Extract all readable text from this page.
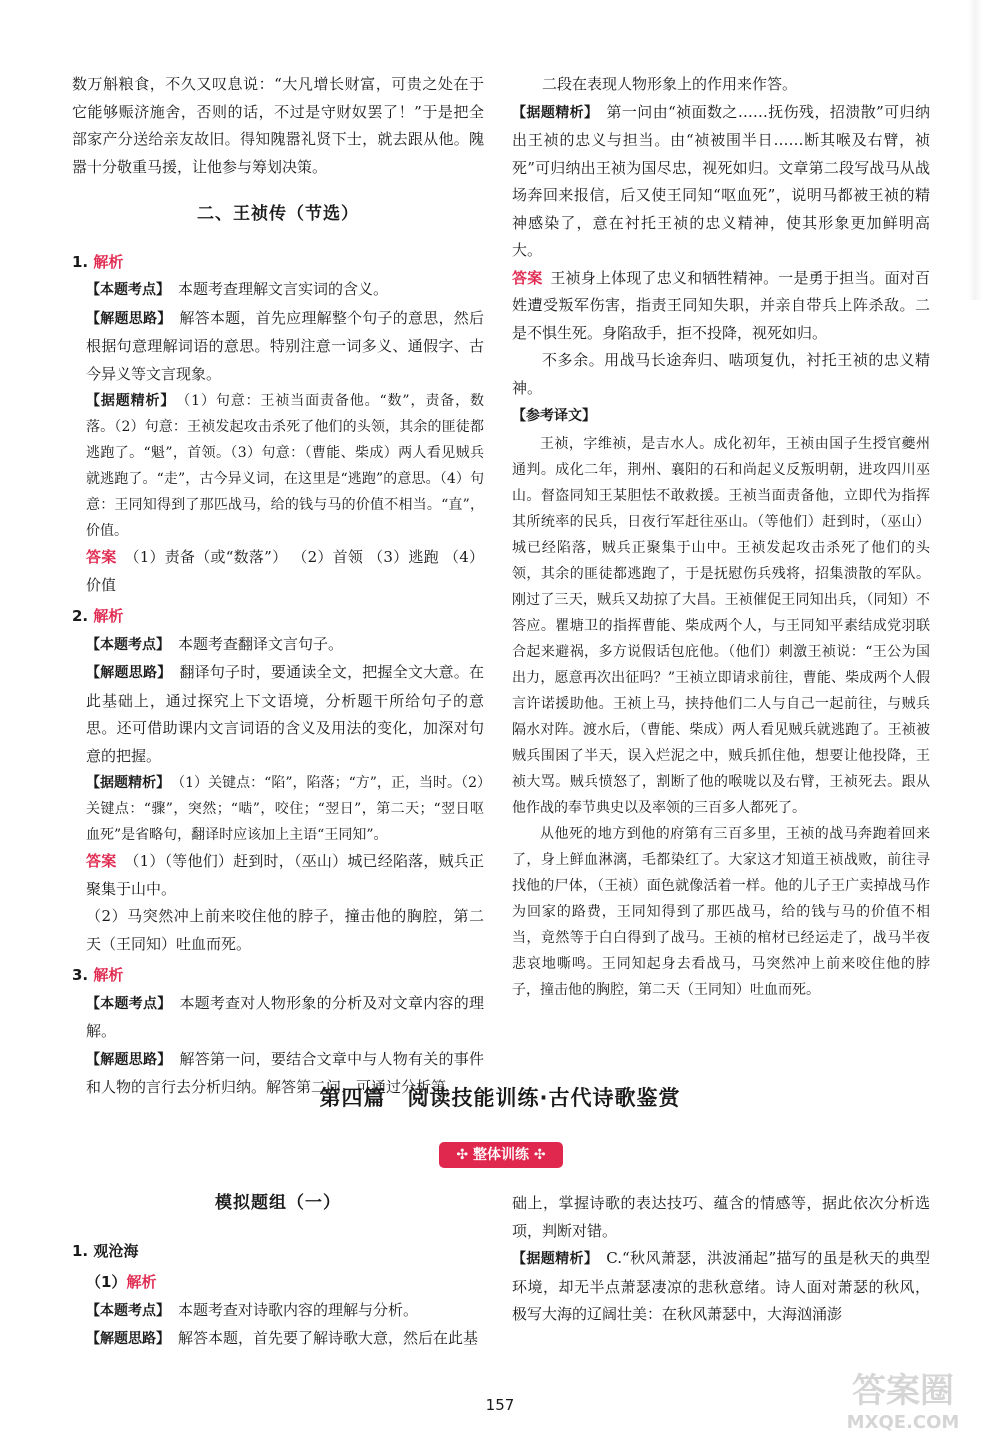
数万斛粮食，不久又叹息说：“大凡增长财富，可贵之处在于它能够赈济施舍，否则的话，不过是守财奴罢了！”于是把全部家产分送给亲友故旧。得知隗嚣礼贤下士，就去跟从他。隗嚣十分敬重马援，让他参与筹划决策。

二、王祯传（节选）
1. 解析

【本题考点】 本题考查理解文言实词的含义。

【解题思路】 解答本题，首先应理解整个句子的意思，然后根据句意理解词语的意思。特别注意一词多义、通假字、古今异义等文言现象。

【据题精析】 （1）句意：王祯当面责备他。“数”，责备，数落。（2）句意：王祯发起攻击杀死了他们的头领，其余的匪徒都逃跑了。“魁”，首领。（3）句意：（曹能、柴成）两人看见贼兵就逃跑了。“走”，古今异义词，在这里是“逃跑”的意思。（4）句意：王同知得到了那匹战马，给的钱与马的价值不相当。“直”，价值。

答案 （1）责备（或“数落”） （2）首领 （3）逃跑 （4）价值

2. 解析

【本题考点】 本题考查翻译文言句子。

【解题思路】 翻译句子时，要通读全文，把握全文大意。在此基础上，通过探究上下文语境，分析题干所给句子的意思。还可借助课内文言词语的含义及用法的变化，加深对句意的把握。

【据题精析】 （1）关键点：“陷”，陷落；“方”，正，当时。（2）关键点：“骤”，突然；“啮”，咬住；“翌日”，第二天；“翌日呕血死”是省略句，翻译时应该加上主语“王同知”。

答案 （1）（等他们）赶到时，（巫山）城已经陷落，贼兵正聚集于山中。

（2）马突然冲上前来咬住他的脖子，撞击他的胸腔，第二天（王同知）吐血而死。

3. 解析

【本题考点】 本题考查对人物形象的分析及对文章内容的理解。

【解题思路】 解答第一问，要结合文章中与人物有关的事件和人物的言行去分析归纳。解答第二问，可通过分析第

二段在表现人物形象上的作用来作答。

【据题精析】 第一问由“祯面数之……抚伤残，招溃散”可归纳出王祯的忠义与担当。由“祯被围半日……断其喉及右臂，祯死”可归纳出王祯为国尽忠，视死如归。文章第二段写战马从战场奔回来报信，后又使王同知“呕血死”，说明马都被王祯的精神感染了，意在衬托王祯的忠义精神，使其形象更加鲜明高大。

答案 王祯身上体现了忠义和牺牲精神。一是勇于担当。面对百姓遭受叛军伤害，指责王同知失职，并亲自带兵上阵杀敌。二是不惧生死。身陷敌手，拒不投降，视死如归。

不多余。用战马长途奔归、啮项复仇，衬托王祯的忠义精神。

【参考译文】

王祯，字维祯，是吉水人。成化初年，王祯由国子生授官夔州通判。成化二年，荆州、襄阳的石和尚起义反叛明朝，进攻四川巫山。督盗同知王某胆怯不敢救援。王祯当面责备他，立即代为指挥其所统率的民兵，日夜行军赶往巫山。（等他们）赶到时，（巫山）城已经陷落，贼兵正聚集于山中。王祯发起攻击杀死了他们的头领，其余的匪徒都逃跑了，于是抚慰伤兵残将，招集溃散的军队。刚过了三天，贼兵又劫掠了大昌。王祯催促王同知出兵，（同知）不答应。瞿塘卫的指挥曹能、柴成两个人，与王同知平素结成党羽联合起来避祸，多方说假话包庇他。（他们）刺激王祯说：“王公为国出力，愿意再次出征吗？”王祯立即请求前往，曹能、柴成两个人假言许诺援助他。王祯上马，挟持他们二人与自己一起前往，与贼兵隔水对阵。渡水后，（曹能、柴成）两人看见贼兵就逃跑了。王祯被贼兵围困了半天，误入烂泥之中，贼兵抓住他，想要让他投降，王祯大骂。贼兵愤怒了，割断了他的喉咙以及右臂，王祯死去。跟从他作战的奉节典史以及率领的三百多人都死了。

从他死的地方到他的府第有三百多里，王祯的战马奔跑着回来了，身上鲜血淋漓，毛都染红了。大家这才知道王祯战败，前往寻找他的尸体，（王祯）面色就像活着一样。他的儿子王广卖掉战马作为回家的路费，王同知得到了那匹战马，给的钱与马的价值不相当，竟然等于白白得到了战马。王祯的棺材已经运走了，战马半夜悲哀地嘶鸣。王同知起身去看战马，马突然冲上前来咬住他的脖子，撞击他的胸腔，第二天（王同知）吐血而死。

第四篇　阅读技能训练·古代诗歌鉴赏
✣ 整体训练 ✣
模拟题组（一）
1. 观沧海
（1）解析

【本题考点】 本题考查对诗歌内容的理解与分析。

【解题思路】 解答本题，首先要了解诗歌大意，然后在此基

础上，掌握诗歌的表达技巧、蕴含的情感等，据此依次分析选项，判断对错。

【据题精析】 C.“秋风萧瑟，洪波涌起”描写的虽是秋天的典型环境，却无半点萧瑟凄凉的悲秋意绪。诗人面对萧瑟的秋风，极写大海的辽阔壮美：在秋风萧瑟中，大海汹涌澎

157	答案圈
MXQE.COM
